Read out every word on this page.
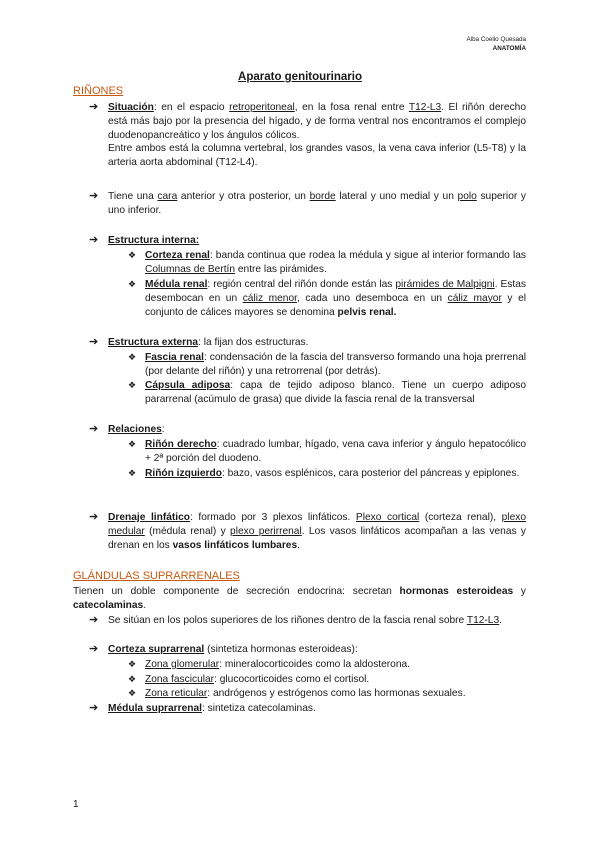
Alba Coello Quesada
ANATOMÍA
Aparato genitourinario
RIÑONES
➔ Situación: en el espacio retroperitoneal, en la fosa renal entre T12-L3. El riñón derecho está más bajo por la presencia del hígado, y de forma ventral nos encontramos el complejo duodenopancreático y los ángulos cólicos.
Entre ambos está la columna vertebral, los grandes vasos, la vena cava inferior (L5-T8) y la arteria aorta abdominal (T12-L4).
➔ Tiene una cara anterior y otra posterior, un borde lateral y uno medial y un polo superior y uno inferior.
➔ Estructura interna:
❖ Corteza renal: banda continua que rodea la médula y sigue al interior formando las Columnas de Bertín entre las pirámides.
❖ Médula renal: región central del riñón donde están las pirámides de Malpigni. Estas desembocan en un cáliz menor, cada uno desemboca en un cáliz mayor y el conjunto de cálices mayores se denomina pelvis renal.
➔ Estructura externa: la fijan dos estructuras.
❖ Fascia renal: condensación de la fascia del transverso formando una hoja prerrenal (por delante del riñón) y una retrorrenal (por detrás).
❖ Cápsula adiposa: capa de tejido adiposo blanco. Tiene un cuerpo adiposo pararrenal (acúmulo de grasa) que divide la fascia renal de la transversal
➔ Relaciones:
❖ Riñón derecho: cuadrado lumbar, hígado, vena cava inferior y ángulo hepatocólico + 2ª porción del duodeno.
❖ Riñón izquierdo: bazo, vasos esplénicos, cara posterior del páncreas y epiplones.
➔ Drenaje linfático: formado por 3 plexos linfáticos. Plexo cortical (corteza renal), plexo medular (médula renal) y plexo perirrenal. Los vasos linfáticos acompañan a las venas y drenan en los vasos linfáticos lumbares.
GLÁNDULAS SUPRARRENALES
Tienen un doble componente de secreción endocrina: secretan hormonas esteroideas y catecolaminas.
➔ Se sitúan en los polos superiores de los riñones dentro de la fascia renal sobre T12-L3.
➔ Corteza suprarrenal (sintetiza hormonas esteroideas):
❖ Zona glomerular: mineralocorticoides como la aldosterona.
❖ Zona fascicular: glucocorticoides como el cortisol.
❖ Zona reticular: andrógenos y estrógenos como las hormonas sexuales.
➔ Médula suprarrenal: sintetiza catecolaminas.
1
